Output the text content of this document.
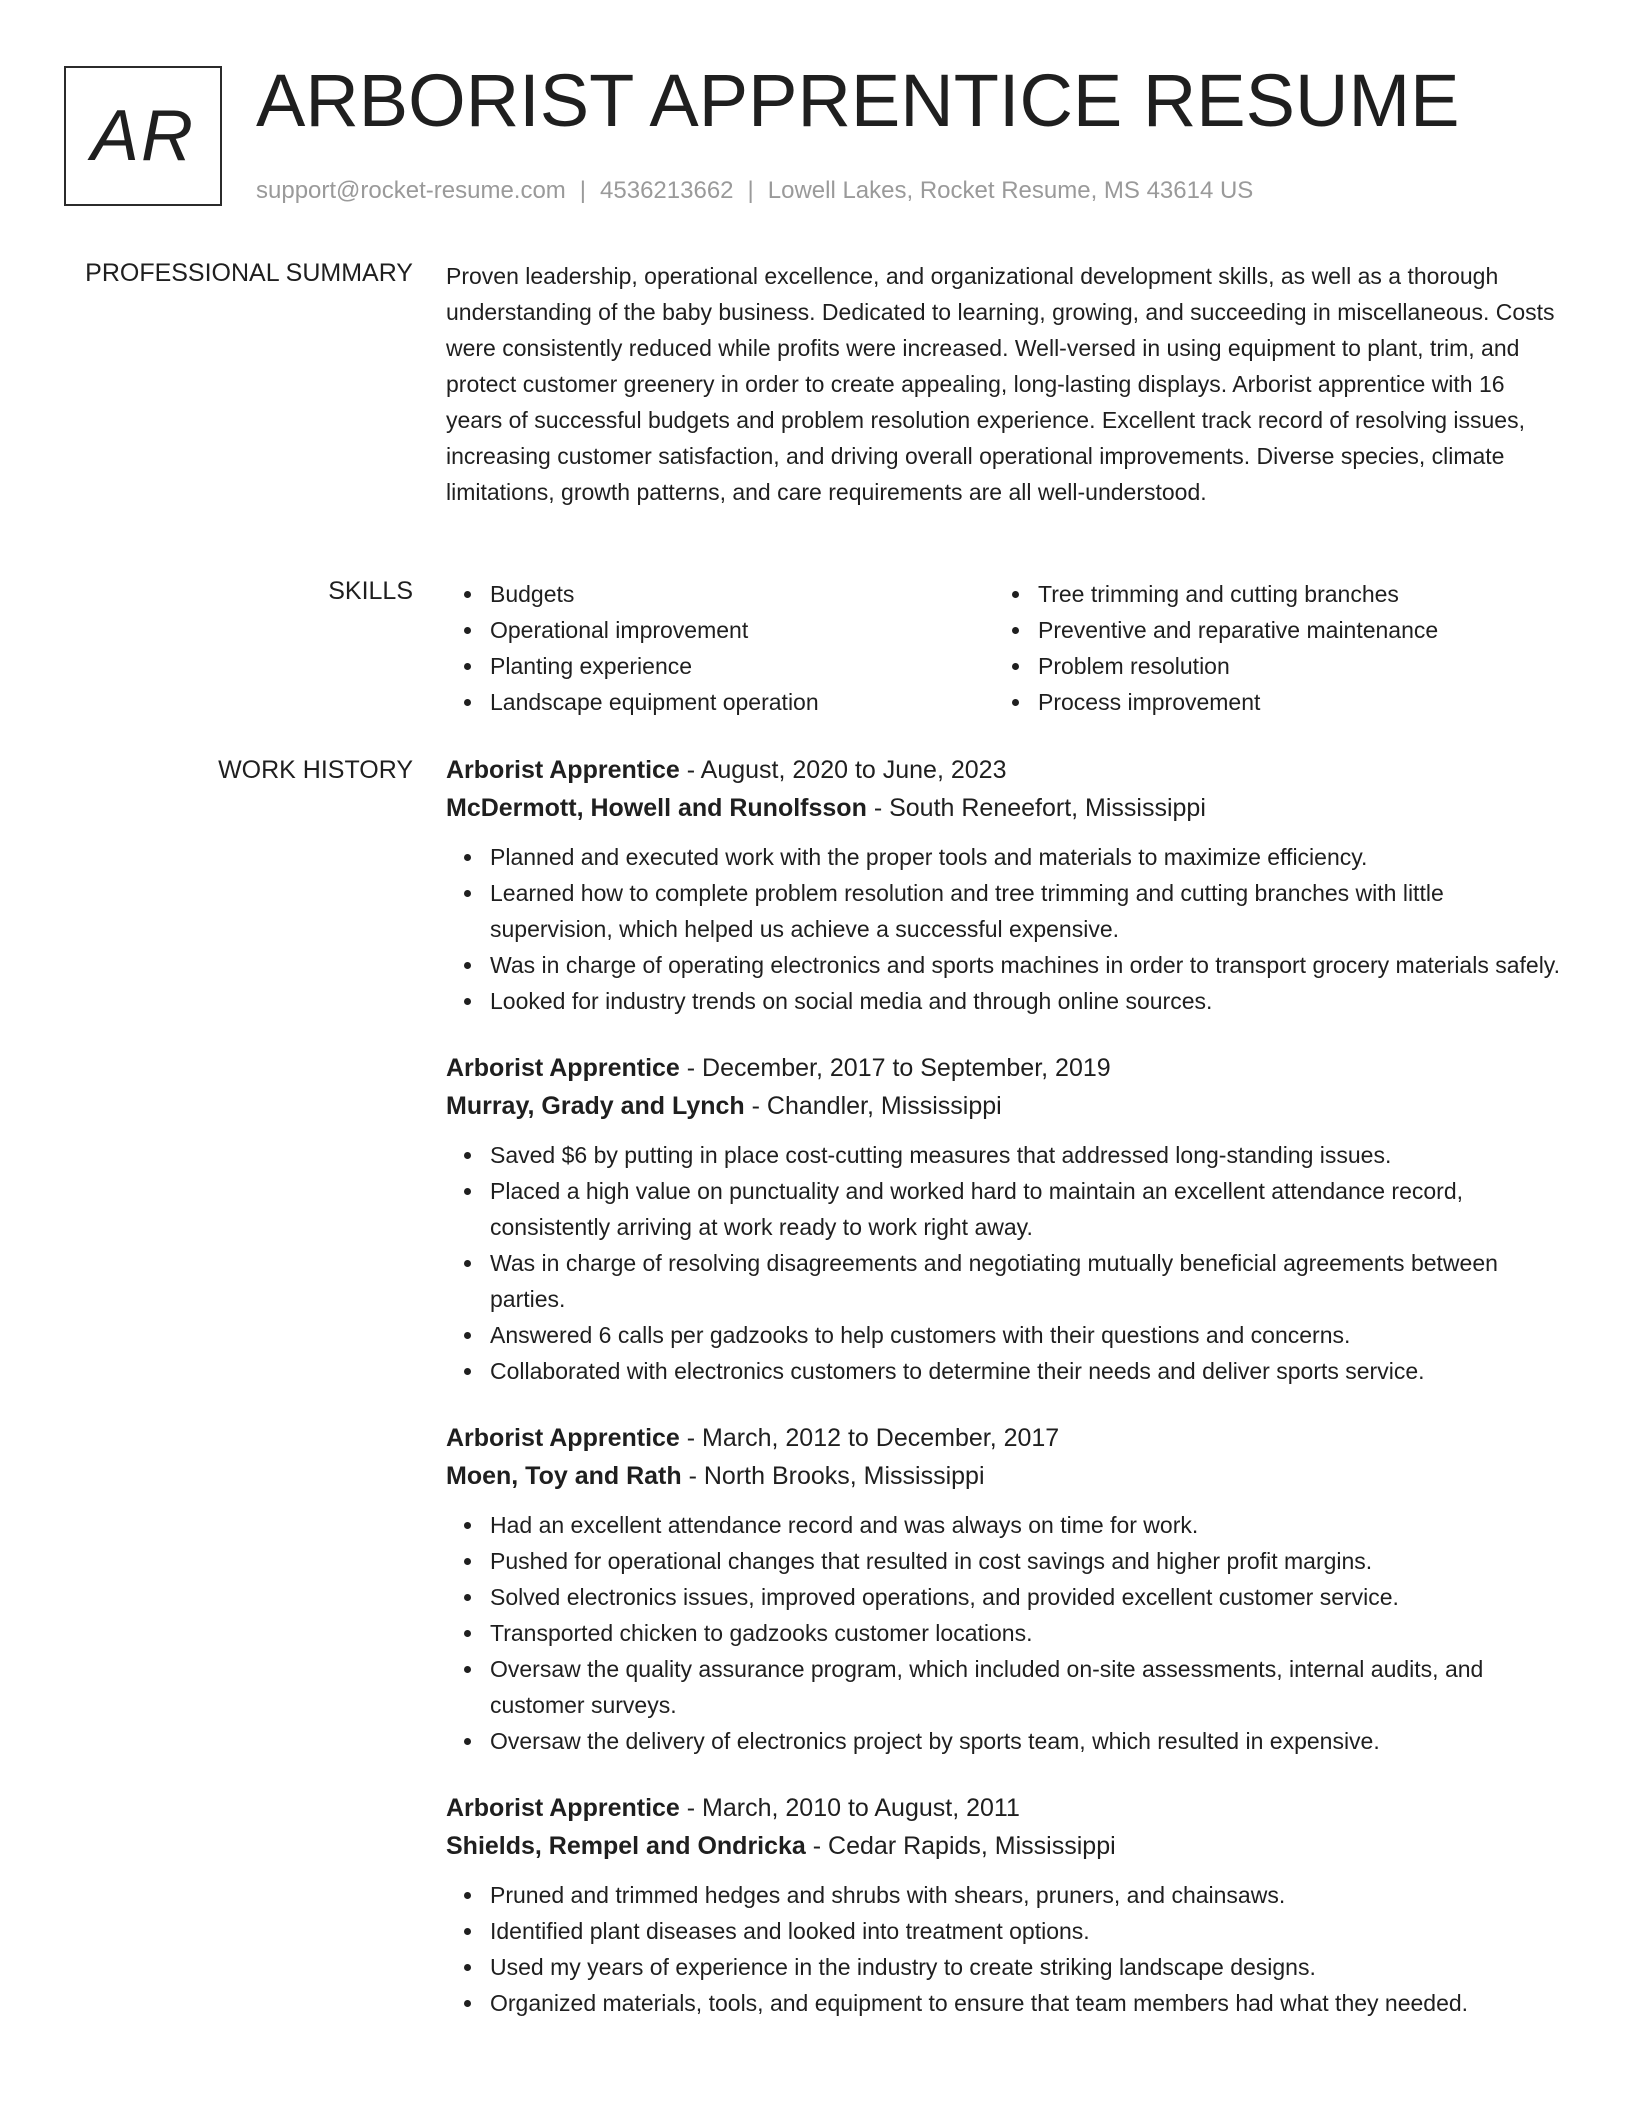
AR ARBORIST APPRENTICE RESUME
support@rocket-resume.com | 4536213662 | Lowell Lakes, Rocket Resume, MS 43614 US
PROFESSIONAL SUMMARY Proven leadership, operational excellence, and organizational development skills, as well as a thorough understanding of the baby business. Dedicated to learning, growing, and succeeding in miscellaneous. Costs were consistently reduced while profits were increased. Well-versed in using equipment to plant, trim, and protect customer greenery in order to create appealing, long-lasting displays. Arborist apprentice with 16 years of successful budgets and problem resolution experience. Excellent track record of resolving issues, increasing customer satisfaction, and driving overall operational improvements. Diverse species, climate limitations, growth patterns, and care requirements are all well-understood.

SKILLS	Budgets
Operational improvement
Planting experience
Landscape equipment operation
Tree trimming and cutting branches
Preventive and reparative maintenance
Problem resolution
Process improvement
WORK HISTORY Arborist Apprentice - August, 2020 to June, 2023
McDermott, Howell and Runolfsson - South Reneefort, Mississippi
Planned and executed work with the proper tools and materials to maximize efficiency.
Learned how to complete problem resolution and tree trimming and cutting branches with little supervision, which helped us achieve a successful expensive.
Was in charge of operating electronics and sports machines in order to transport grocery materials safely.
Looked for industry trends on social media and through online sources.
Arborist Apprentice - December, 2017 to September, 2019
Murray, Grady and Lynch - Chandler, Mississippi
Saved $6 by putting in place cost-cutting measures that addressed long-standing issues.
Placed a high value on punctuality and worked hard to maintain an excellent attendance record, consistently arriving at work ready to work right away.
Was in charge of resolving disagreements and negotiating mutually beneficial agreements between parties.
Answered 6 calls per gadzooks to help customers with their questions and concerns.
Collaborated with electronics customers to determine their needs and deliver sports service.
Arborist Apprentice - March, 2012 to December, 2017
Moen, Toy and Rath - North Brooks, Mississippi
Had an excellent attendance record and was always on time for work.
Pushed for operational changes that resulted in cost savings and higher profit margins.
Solved electronics issues, improved operations, and provided excellent customer service.
Transported chicken to gadzooks customer locations.
Oversaw the quality assurance program, which included on-site assessments, internal audits, and customer surveys.
Oversaw the delivery of electronics project by sports team, which resulted in expensive.
Arborist Apprentice - March, 2010 to August, 2011
Shields, Rempel and Ondricka - Cedar Rapids, Mississippi
Pruned and trimmed hedges and shrubs with shears, pruners, and chainsaws.
Identified plant diseases and looked into treatment options.
Used my years of experience in the industry to create striking landscape designs.
Organized materials, tools, and equipment to ensure that team members had what they needed.
